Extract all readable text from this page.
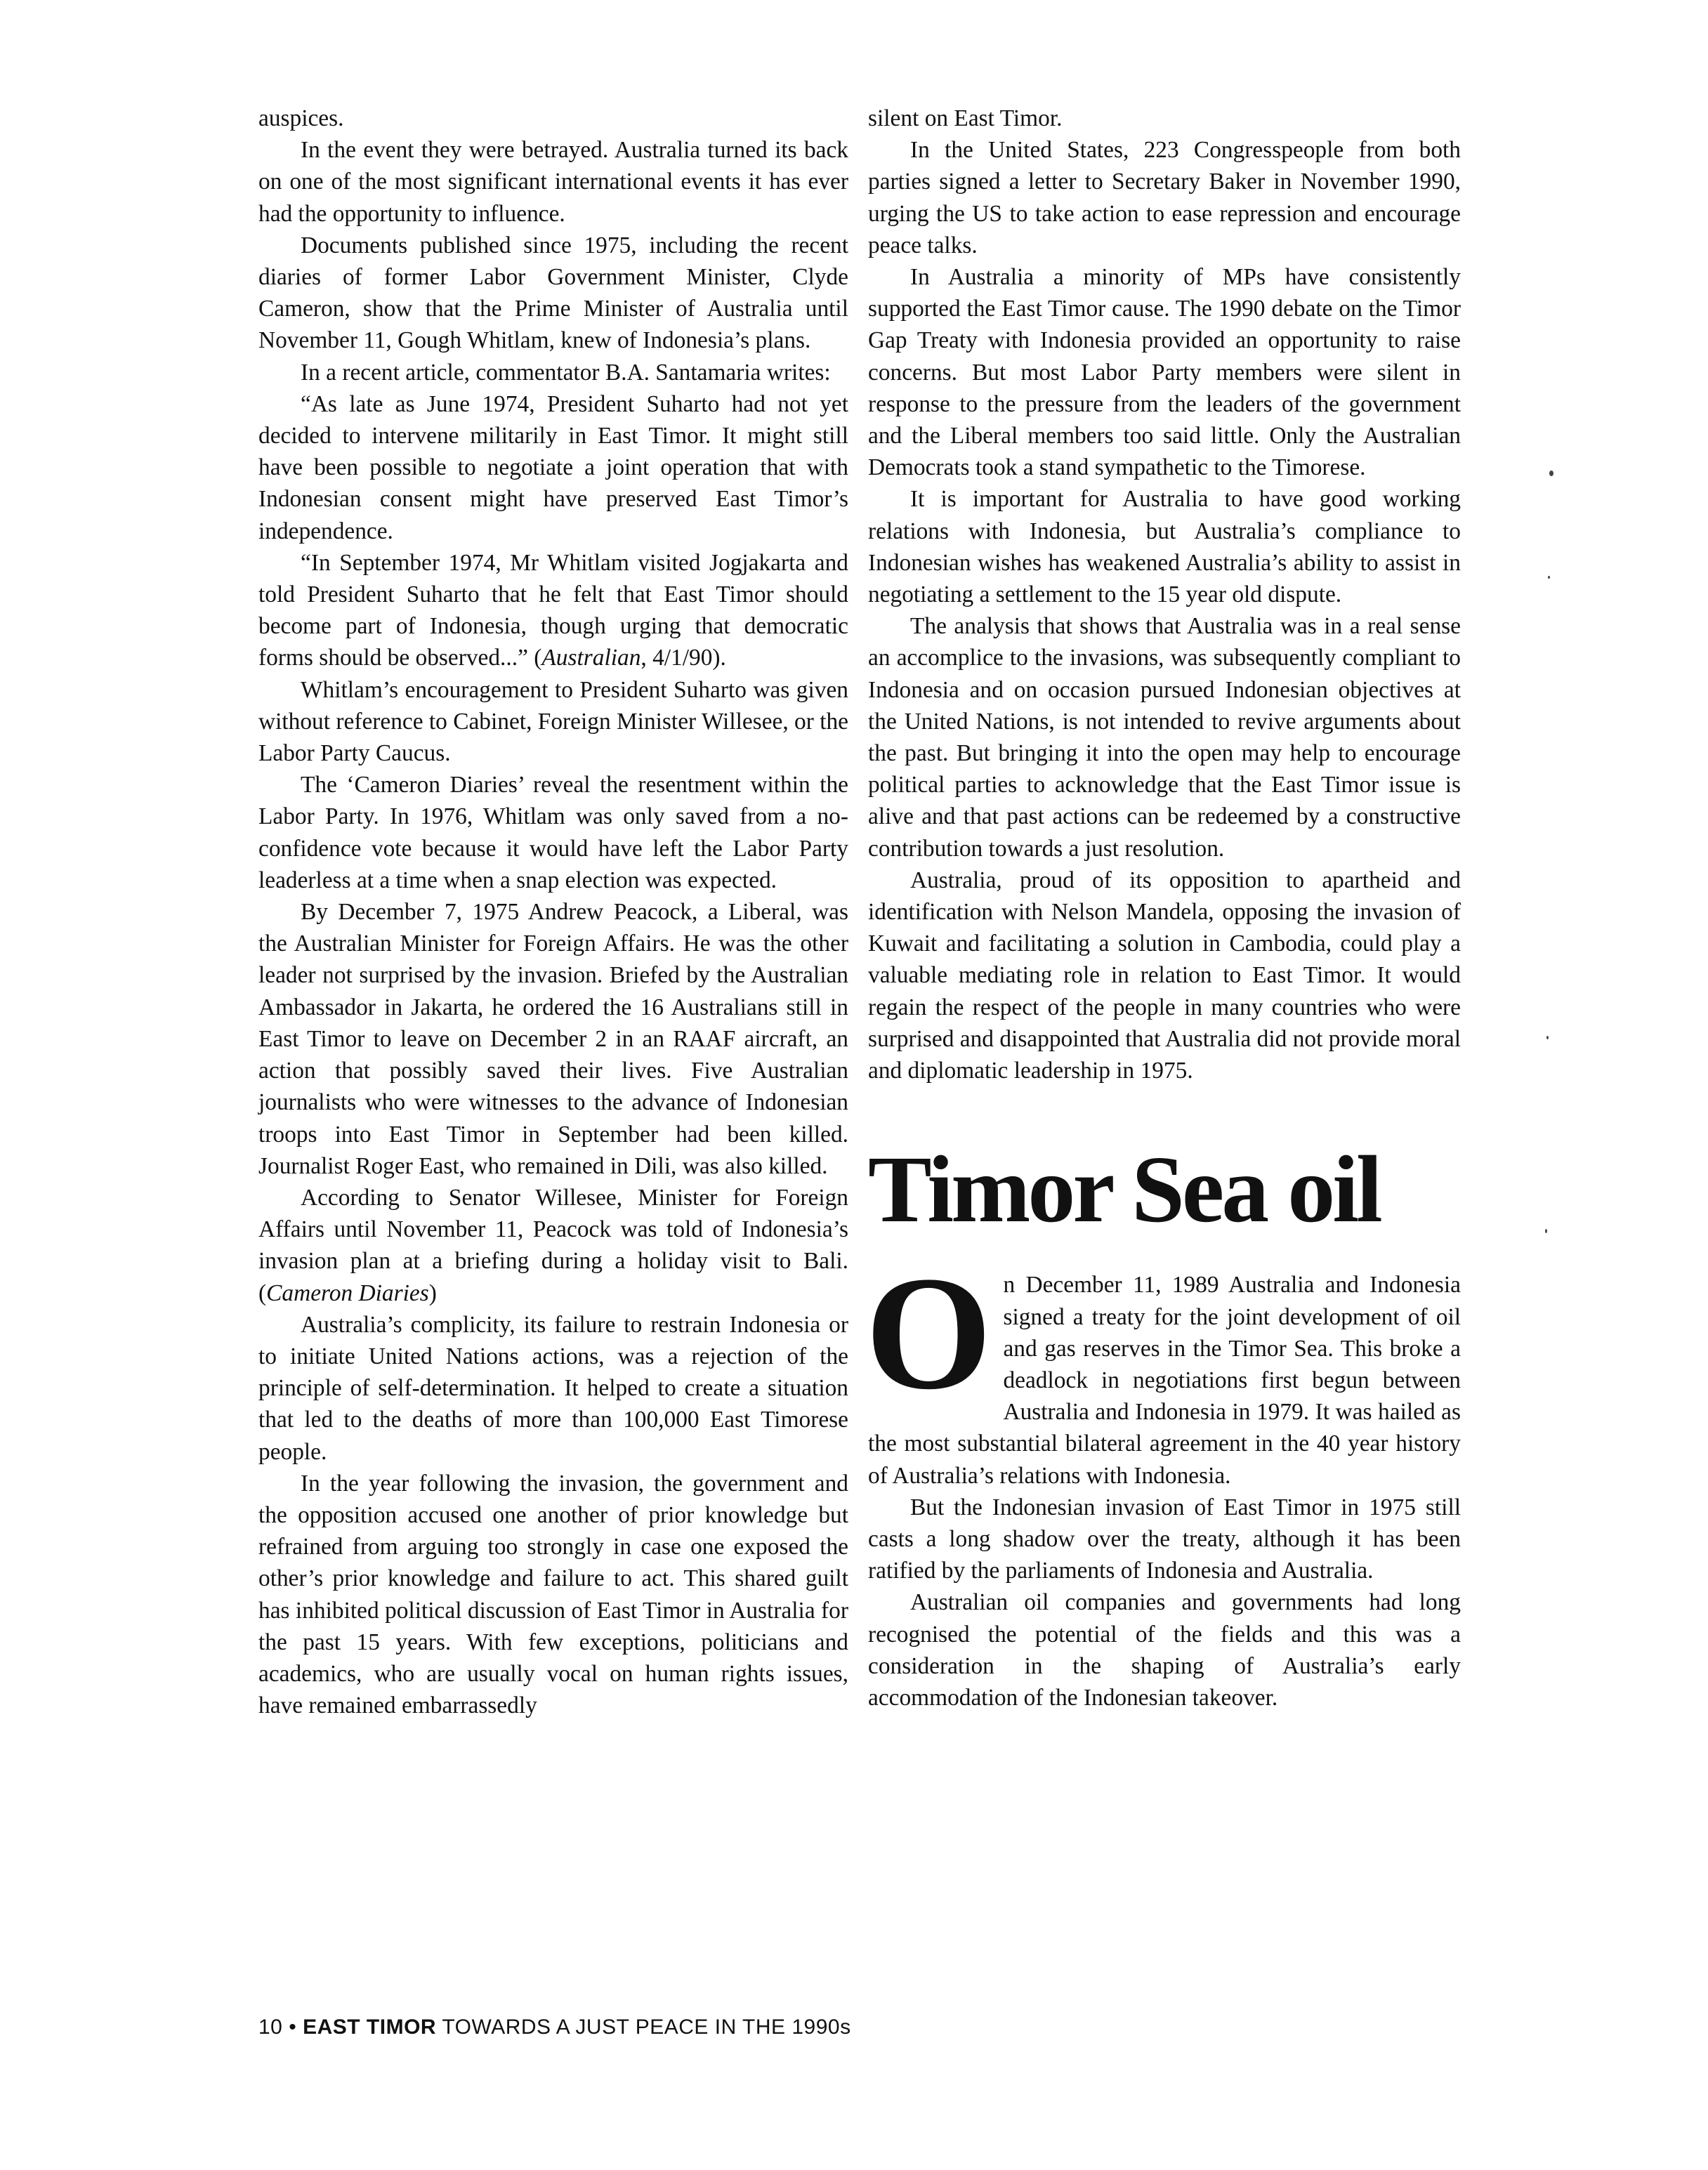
auspices.

In the event they were betrayed. Australia turned its back on one of the most significant international events it has ever had the opportunity to influence.

Documents published since 1975, including the recent diaries of former Labor Government Minister, Clyde Cameron, show that the Prime Minister of Australia until November 11, Gough Whitlam, knew of Indonesia’s plans.

In a recent article, commentator B.A. Santamaria writes:

“As late as June 1974, President Suharto had not yet decided to intervene militarily in East Timor. It might still have been possible to negotiate a joint operation that with Indonesian consent might have preserved East Timor’s independence.

“In September 1974, Mr Whitlam visited Jogjakarta and told President Suharto that he felt that East Timor should become part of Indonesia, though urging that democratic forms should be observed...” (Australian, 4/1/90).

Whitlam’s encouragement to President Suharto was given without reference to Cabinet, Foreign Minister Willesee, or the Labor Party Caucus.

The ‘Cameron Diaries’ reveal the resentment within the Labor Party. In 1976, Whitlam was only saved from a no-confidence vote because it would have left the Labor Party leaderless at a time when a snap election was expected.

By December 7, 1975 Andrew Peacock, a Liberal, was the Australian Minister for Foreign Affairs. He was the other leader not surprised by the invasion. Briefed by the Australian Ambassador in Jakarta, he ordered the 16 Australians still in East Timor to leave on December 2 in an RAAF aircraft, an action that possibly saved their lives. Five Australian journalists who were witnesses to the advance of Indonesian troops into East Timor in September had been killed. Journalist Roger East, who remained in Dili, was also killed.

According to Senator Willesee, Minister for Foreign Affairs until November 11, Peacock was told of Indonesia’s invasion plan at a briefing during a holiday visit to Bali. (Cameron Diaries)

Australia’s complicity, its failure to restrain Indonesia or to initiate United Nations actions, was a rejection of the principle of self-determination. It helped to create a situation that led to the deaths of more than 100,000 East Timorese people.

In the year following the invasion, the government and the opposition accused one another of prior knowledge but refrained from arguing too strongly in case one exposed the other’s prior knowledge and failure to act. This shared guilt has inhibited political discussion of East Timor in Australia for the past 15 years. With few exceptions, politicians and academics, who are usually vocal on human rights issues, have remained embarrassedly

silent on East Timor.

In the United States, 223 Congresspeople from both parties signed a letter to Secretary Baker in November 1990, urging the US to take action to ease repression and encourage peace talks.

In Australia a minority of MPs have consistently supported the East Timor cause. The 1990 debate on the Timor Gap Treaty with Indonesia provided an opportunity to raise concerns. But most Labor Party members were silent in response to the pressure from the leaders of the government and the Liberal members too said little. Only the Australian Democrats took a stand sympathetic to the Timorese.

It is important for Australia to have good working relations with Indonesia, but Australia’s compliance to Indonesian wishes has weakened Australia’s ability to assist in negotiating a settlement to the 15 year old dispute.

The analysis that shows that Australia was in a real sense an accomplice to the invasions, was subsequently compliant to Indonesia and on occasion pursued Indonesian objectives at the United Nations, is not intended to revive arguments about the past. But bringing it into the open may help to encourage political parties to acknowledge that the East Timor issue is alive and that past actions can be redeemed by a constructive contribution towards a just resolution.

Australia, proud of its opposition to apartheid and identification with Nelson Mandela, opposing the invasion of Kuwait and facilitating a solution in Cambodia, could play a valuable mediating role in relation to East Timor. It would regain the respect of the people in many countries who were surprised and disappointed that Australia did not provide moral and diplomatic leadership in 1975.

Timor Sea oil

On December 11, 1989 Australia and Indonesia signed a treaty for the joint development of oil and gas reserves in the Timor Sea. This broke a deadlock in negotiations first begun between Australia and Indonesia in 1979. It was hailed as the most substantial bilateral agreement in the 40 year history of Australia’s relations with Indonesia.

But the Indonesian invasion of East Timor in 1975 still casts a long shadow over the treaty, although it has been ratified by the parliaments of Indonesia and Australia.

Australian oil companies and governments had long recognised the potential of the fields and this was a consideration in the shaping of Australia’s early accommodation of the Indonesian takeover.

10 • EAST TIMOR TOWARDS A JUST PEACE IN THE 1990s
